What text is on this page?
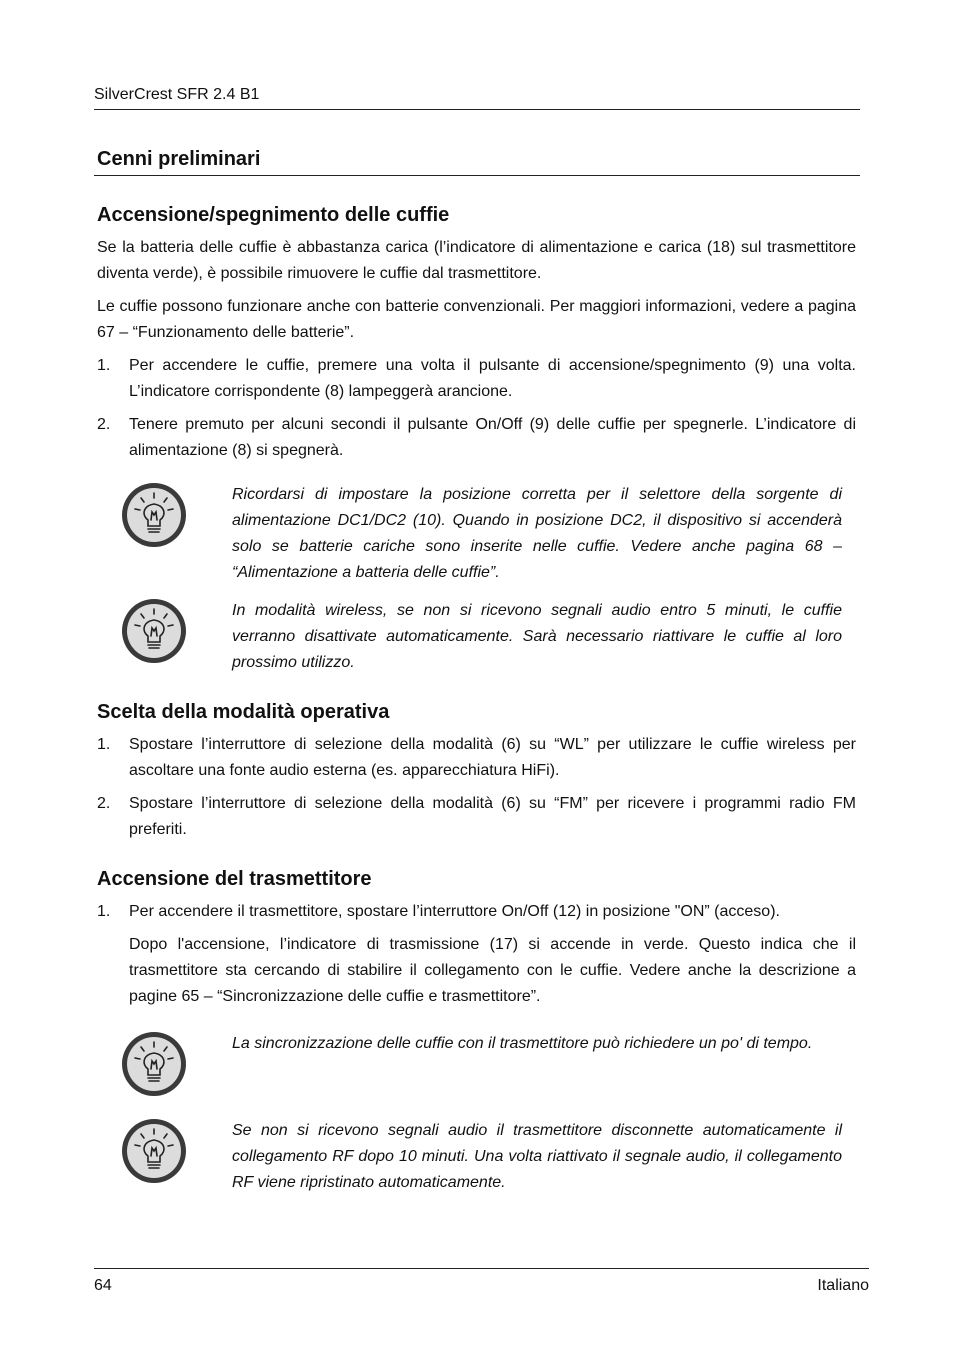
SilverCrest SFR 2.4 B1
Cenni preliminari
Accensione/spegnimento delle cuffie

Se la batteria delle cuffie è abbastanza carica (l’indicatore di alimentazione e carica (18) sul trasmettitore diventa verde), è possibile rimuovere le cuffie dal trasmettitore.

Le cuffie possono funzionare anche con batterie convenzionali. Per maggiori informazioni, vedere a pagina 67 – “Funzionamento delle batterie”.

1.	Per accendere le cuffie, premere una volta il pulsante di accensione/spegnimento (9) una volta. L’indicatore corrispondente (8) lampeggerà arancione.
2.	Tenere premuto per alcuni secondi il pulsante On/Off (9) delle cuffie per spegnerle. L’indicatore di alimentazione (8) si spegnerà.
Ricordarsi di impostare la posizione corretta per il selettore della sorgente di alimentazione DC1/DC2 (10). Quando in posizione DC2, il dispositivo si accenderà solo se batterie cariche sono inserite nelle cuffie. Vedere anche pagina 68 – “Alimentazione a batteria delle cuffie”.
In modalità wireless, se non si ricevono segnali audio entro 5 minuti, le cuffie verranno disattivate automaticamente. Sarà necessario riattivare le cuffie al loro prossimo utilizzo.
Scelta della modalità operativa
1.	Spostare l’interruttore di selezione della modalità (6) su “WL” per utilizzare le cuffie wireless per ascoltare una fonte audio esterna (es. apparecchiatura HiFi).
2.	Spostare l’interruttore di selezione della modalità (6) su “FM” per ricevere i programmi radio FM preferiti.
Accensione del trasmettitore
1.	Per accendere il trasmettitore, spostare l’interruttore On/Off (12) in posizione "ON” (acceso).

Dopo l'accensione, l’indicatore di trasmissione (17) si accende in verde. Questo indica che il trasmettitore sta cercando di stabilire il collegamento con le cuffie. Vedere anche la descrizione a pagine 65 – “Sincronizzazione delle cuffie e trasmettitore”.

La sincronizzazione delle cuffie con il trasmettitore può richiedere un po' di tempo.
Se non si ricevono segnali audio il trasmettitore disconnette automaticamente il collegamento RF dopo 10 minuti. Una volta riattivato il segnale audio, il collegamento RF viene ripristinato automaticamente.
64	Italiano
